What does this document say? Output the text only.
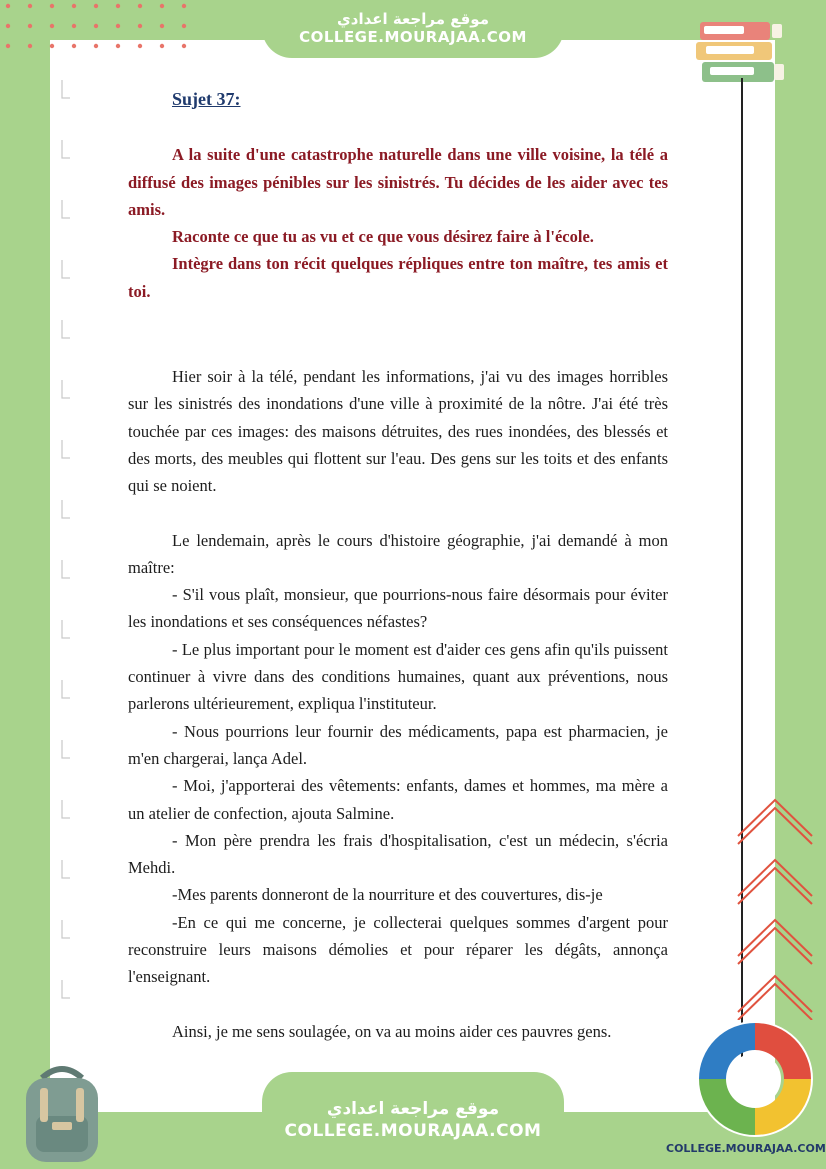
موقع مراجعة اعدادي
COLLEGE.MOURAJAA.COM
Sujet 37:

A la suite d'une catastrophe naturelle dans une ville voisine, la télé a diffusé des images pénibles sur les sinistrés. Tu décides de les aider avec tes amis.

Raconte ce que tu as vu et ce que vous désirez faire à l'école.

Intègre dans ton récit quelques répliques entre ton maître, tes amis et toi.

Hier soir à la télé, pendant les informations, j'ai vu des images horribles sur les sinistrés des inondations d'une ville à proximité de la nôtre. J'ai été très touchée par ces images: des maisons détruites, des rues inondées, des blessés et des morts, des meubles qui flottent sur l'eau. Des gens sur les toits et des enfants qui se noient.

Le lendemain, après le cours d'histoire géographie, j'ai demandé à mon maître:

- S'il vous plaît, monsieur, que pourrions-nous faire désormais pour éviter les inondations et ses conséquences néfastes?

- Le plus important pour le moment est d'aider ces gens afin qu'ils puissent continuer à vivre dans des conditions humaines, quant aux préventions, nous parlerons ultérieurement, expliqua l'instituteur.

- Nous pourrions leur fournir des médicaments, papa est pharmacien, je m'en chargerai, lança Adel.

- Moi, j'apporterai des vêtements: enfants, dames et hommes, ma mère a un atelier de confection, ajouta Salmine.

- Mon père prendra les frais d'hospitalisation, c'est un médecin, s'écria Mehdi.

-Mes parents donneront de la nourriture et des couvertures, dis-je

-En ce qui me concerne, je collecterai quelques sommes d'argent pour reconstruire leurs maisons démolies et pour réparer les dégâts, annonça l'enseignant.

Ainsi, je me sens soulagée, on va au moins aider ces pauvres gens.

موقع مراجعة اعدادي
COLLEGE.MOURAJAA.COM
COLLEGE.MOURAJAA.COM
